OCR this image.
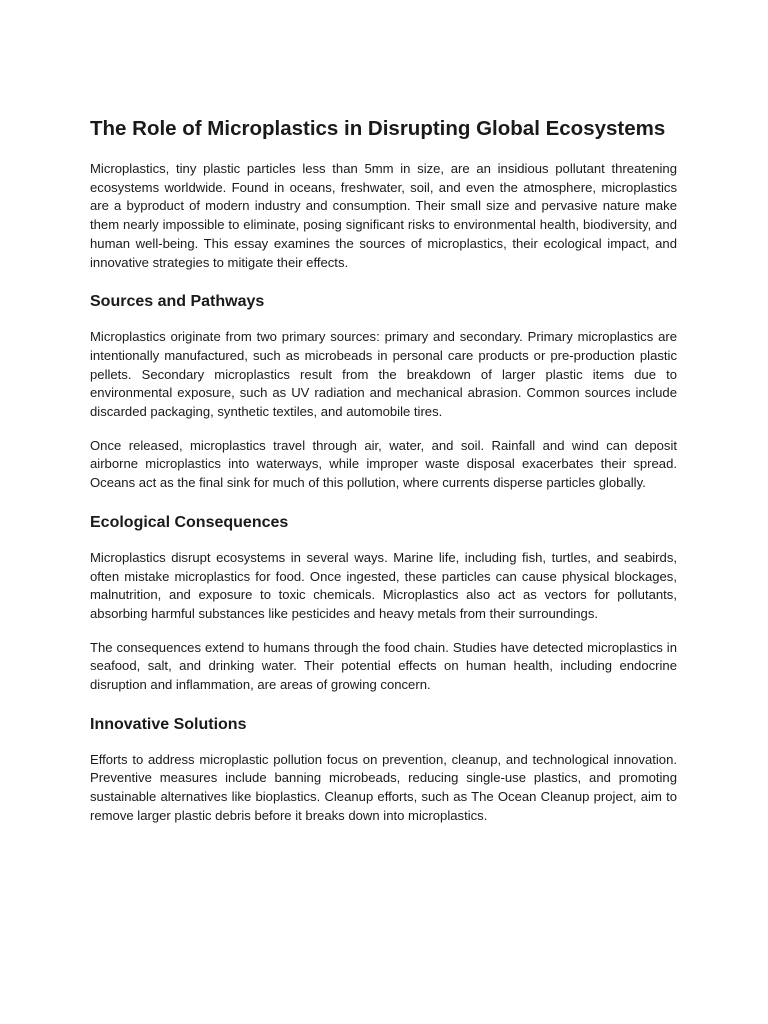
The Role of Microplastics in Disrupting Global Ecosystems

Microplastics, tiny plastic particles less than 5mm in size, are an insidious pollutant threatening ecosystems worldwide. Found in oceans, freshwater, soil, and even the atmosphere, microplastics are a byproduct of modern industry and consumption. Their small size and pervasive nature make them nearly impossible to eliminate, posing significant risks to environmental health, biodiversity, and human well-being. This essay examines the sources of microplastics, their ecological impact, and innovative strategies to mitigate their effects.

Sources and Pathways

Microplastics originate from two primary sources: primary and secondary. Primary microplastics are intentionally manufactured, such as microbeads in personal care products or pre-production plastic pellets. Secondary microplastics result from the breakdown of larger plastic items due to environmental exposure, such as UV radiation and mechanical abrasion. Common sources include discarded packaging, synthetic textiles, and automobile tires.

Once released, microplastics travel through air, water, and soil. Rainfall and wind can deposit airborne microplastics into waterways, while improper waste disposal exacerbates their spread. Oceans act as the final sink for much of this pollution, where currents disperse particles globally.

Ecological Consequences

Microplastics disrupt ecosystems in several ways. Marine life, including fish, turtles, and seabirds, often mistake microplastics for food. Once ingested, these particles can cause physical blockages, malnutrition, and exposure to toxic chemicals. Microplastics also act as vectors for pollutants, absorbing harmful substances like pesticides and heavy metals from their surroundings.

The consequences extend to humans through the food chain. Studies have detected microplastics in seafood, salt, and drinking water. Their potential effects on human health, including endocrine disruption and inflammation, are areas of growing concern.

Innovative Solutions

Efforts to address microplastic pollution focus on prevention, cleanup, and technological innovation. Preventive measures include banning microbeads, reducing single-use plastics, and promoting sustainable alternatives like bioplastics. Cleanup efforts, such as The Ocean Cleanup project, aim to remove larger plastic debris before it breaks down into microplastics.
